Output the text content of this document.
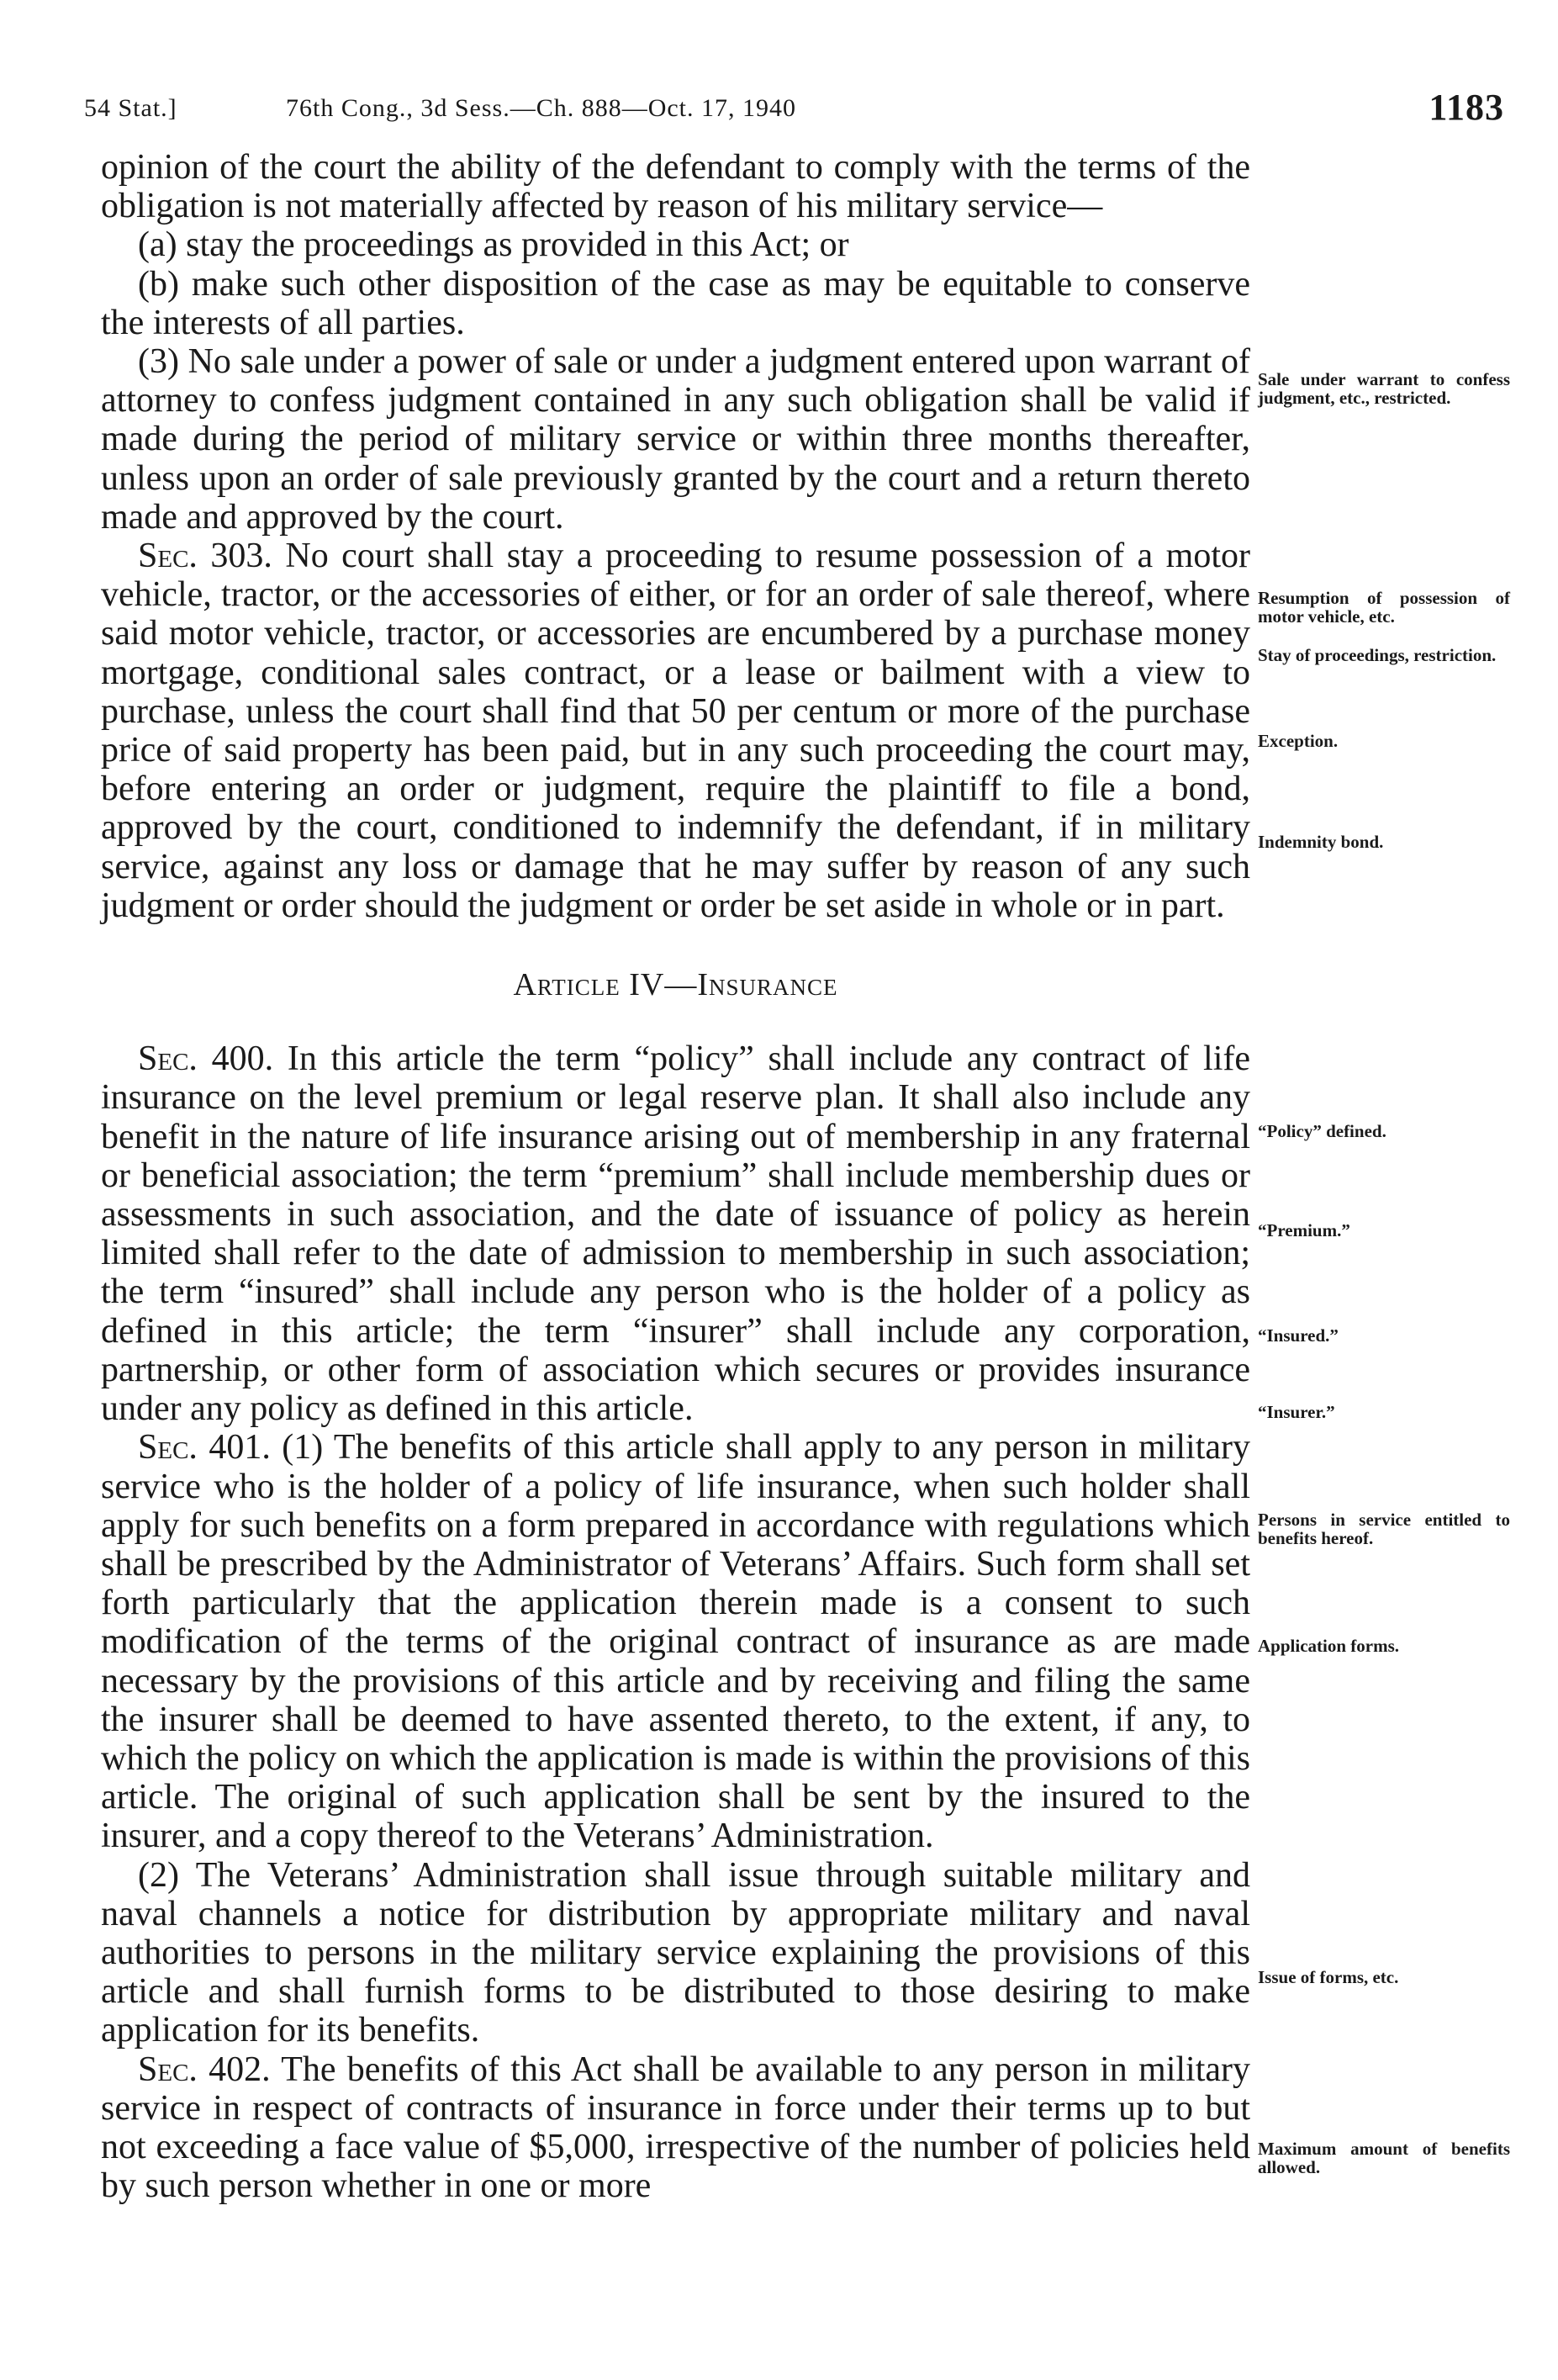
54 Stat.]	76th Cong., 3d Sess.—Ch. 888—Oct. 17, 1940	1183

opinion of the court the ability of the defendant to comply with the terms of the obligation is not materially affected by reason of his military service—

(a) stay the proceedings as provided in this Act; or

(b) make such other disposition of the case as may be equitable to conserve the interests of all parties.

(3) No sale under a power of sale or under a judgment entered upon warrant of attorney to confess judgment contained in any such obligation shall be valid if made during the period of military service or within three months thereafter, unless upon an order of sale previously granted by the court and a return thereto made and approved by the court.

Sec. 303. No court shall stay a proceeding to resume possession of a motor vehicle, tractor, or the accessories of either, or for an order of sale thereof, where said motor vehicle, tractor, or accessories are encumbered by a purchase money mortgage, conditional sales contract, or a lease or bailment with a view to purchase, unless the court shall find that 50 per centum or more of the purchase price of said property has been paid, but in any such proceeding the court may, before entering an order or judgment, require the plaintiff to file a bond, approved by the court, conditioned to indemnify the defendant, if in military service, against any loss or damage that he may suffer by reason of any such judgment or order should the judgment or order be set aside in whole or in part.

Article IV—Insurance

Sec. 400. In this article the term “policy” shall include any contract of life insurance on the level premium or legal reserve plan. It shall also include any benefit in the nature of life insurance arising out of membership in any fraternal or beneficial association; the term “premium” shall include membership dues or assessments in such association, and the date of issuance of policy as herein limited shall refer to the date of admission to membership in such association; the term “insured” shall include any person who is the holder of a policy as defined in this article; the term “insurer” shall include any corporation, partnership, or other form of association which secures or provides insurance under any policy as defined in this article.

Sec. 401. (1) The benefits of this article shall apply to any person in military service who is the holder of a policy of life insurance, when such holder shall apply for such benefits on a form prepared in accordance with regulations which shall be prescribed by the Administrator of Veterans’ Affairs. Such form shall set forth particularly that the application therein made is a consent to such modification of the terms of the original contract of insurance as are made necessary by the provisions of this article and by receiving and filing the same the insurer shall be deemed to have assented thereto, to the extent, if any, to which the policy on which the application is made is within the provisions of this article. The original of such application shall be sent by the insured to the insurer, and a copy thereof to the Veterans’ Administration.

(2) The Veterans’ Administration shall issue through suitable military and naval channels a notice for distribution by appropriate military and naval authorities to persons in the military service explaining the provisions of this article and shall furnish forms to be distributed to those desiring to make application for its benefits.

Sec. 402. The benefits of this Act shall be available to any person in military service in respect of contracts of insurance in force under their terms up to but not exceeding a face value of $5,000, irrespective of the number of policies held by such person whether in one or more

Sale under warrant to confess judgment, etc., restricted.
Resumption of possession of motor vehicle, etc.
Stay of proceedings, restriction.
Exception.
Indemnity bond.
“Policy” defined.
“Premium.”
“Insured.”
“Insurer.”
Persons in service entitled to benefits hereof.
Application forms.
Issue of forms, etc.
Maximum amount of benefits allowed.
